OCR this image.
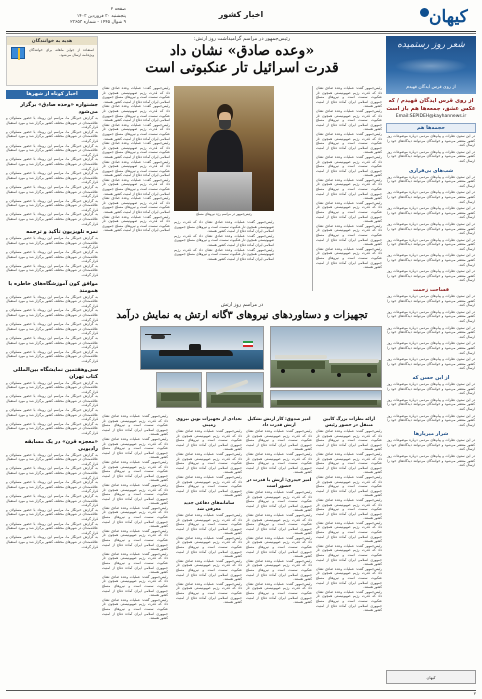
کیهان
اخبار کشور
صفحه ۲
پنجشنبه ۳۰ فروردین ۱۴۰۳
۹ شوال ۱۴۴۵ - شماره ۲۳۶۵۳
شعر روز رستمیده
از روی قرس اید‌گان قهیدم
از روی قرس ایدگان قهیدم / که عکس عشق، جمعه‌ها هم باز است
Email:SEPIDEH@kayhannews.ir
حجمه‌ها هم
در این ستون نظرات و پیام‌های مردمی درباره موضوعات روز کشور منتشر می‌شود و خوانندگان می‌توانند دیدگاه‌های خود را ارسال کنند.
در این ستون نظرات و پیام‌های مردمی درباره موضوعات روز کشور منتشر می‌شود و خوانندگان می‌توانند دیدگاه‌های خود را ارسال کنند.
شب‌های بی‌قراری
در این ستون نظرات و پیام‌های مردمی درباره موضوعات روز کشور منتشر می‌شود و خوانندگان می‌توانند دیدگاه‌های خود را ارسال کنند.
در این ستون نظرات و پیام‌های مردمی درباره موضوعات روز کشور منتشر می‌شود و خوانندگان می‌توانند دیدگاه‌های خود را ارسال کنند.
در این ستون نظرات و پیام‌های مردمی درباره موضوعات روز کشور منتشر می‌شود و خوانندگان می‌توانند دیدگاه‌های خود را ارسال کنند.
در این ستون نظرات و پیام‌های مردمی درباره موضوعات روز کشور منتشر می‌شود و خوانندگان می‌توانند دیدگاه‌های خود را ارسال کنند.
در این ستون نظرات و پیام‌های مردمی درباره موضوعات روز کشور منتشر می‌شود و خوانندگان می‌توانند دیدگاه‌های خود را ارسال کنند.
در این ستون نظرات و پیام‌های مردمی درباره موضوعات روز کشور منتشر می‌شود و خوانندگان می‌توانند دیدگاه‌های خود را ارسال کنند.
در این ستون نظرات و پیام‌های مردمی درباره موضوعات روز کشور منتشر می‌شود و خوانندگان می‌توانند دیدگاه‌های خود را ارسال کنند.
قساحت زحمت
در این ستون نظرات و پیام‌های مردمی درباره موضوعات روز کشور منتشر می‌شود و خوانندگان می‌توانند دیدگاه‌های خود را ارسال کنند.
در این ستون نظرات و پیام‌های مردمی درباره موضوعات روز کشور منتشر می‌شود و خوانندگان می‌توانند دیدگاه‌های خود را ارسال کنند.
در این ستون نظرات و پیام‌های مردمی درباره موضوعات روز کشور منتشر می‌شود و خوانندگان می‌توانند دیدگاه‌های خود را ارسال کنند.
در این ستون نظرات و پیام‌های مردمی درباره موضوعات روز کشور منتشر می‌شود و خوانندگان می‌توانند دیدگاه‌های خود را ارسال کنند.
در این ستون نظرات و پیام‌های مردمی درباره موضوعات روز کشور منتشر می‌شود و خوانندگان می‌توانند دیدگاه‌های خود را ارسال کنند.
از این حسن که
در این ستون نظرات و پیام‌های مردمی درباره موضوعات روز کشور منتشر می‌شود و خوانندگان می‌توانند دیدگاه‌های خود را ارسال کنند.
در این ستون نظرات و پیام‌های مردمی درباره موضوعات روز کشور منتشر می‌شود و خوانندگان می‌توانند دیدگاه‌های خود را ارسال کنند.
در این ستون نظرات و پیام‌های مردمی درباره موضوعات روز کشور منتشر می‌شود و خوانندگان می‌توانند دیدگاه‌های خود را ارسال کنند.
شرار میریار‌ها
در این ستون نظرات و پیام‌های مردمی درباره موضوعات روز کشور منتشر می‌شود و خوانندگان می‌توانند دیدگاه‌های خود را ارسال کنند.
در این ستون نظرات و پیام‌های مردمی درباره موضوعات روز کشور منتشر می‌شود و خوانندگان می‌توانند دیدگاه‌های خود را ارسال کنند.
هدیه به خوانندگان
استفاده از جوایز ماهانه برای خوانندگان ویژه‌نامه ارسال می‌شود.
اخبار کوتاه از شهرها
جشنواره «وحده صادق» برگزار می‌شود
به گزارش خبرنگار ما، مراسم این رویداد با حضور مسئولان و علاقه‌مندان در شهرهای مختلف کشور برگزار شد و مورد استقبال قرار گرفت.
به گزارش خبرنگار ما، مراسم این رویداد با حضور مسئولان و علاقه‌مندان در شهرهای مختلف کشور برگزار شد و مورد استقبال قرار گرفت.
به گزارش خبرنگار ما، مراسم این رویداد با حضور مسئولان و علاقه‌مندان در شهرهای مختلف کشور برگزار شد و مورد استقبال قرار گرفت.
به گزارش خبرنگار ما، مراسم این رویداد با حضور مسئولان و علاقه‌مندان در شهرهای مختلف کشور برگزار شد و مورد استقبال قرار گرفت.
به گزارش خبرنگار ما، مراسم این رویداد با حضور مسئولان و علاقه‌مندان در شهرهای مختلف کشور برگزار شد و مورد استقبال قرار گرفت.
به گزارش خبرنگار ما، مراسم این رویداد با حضور مسئولان و علاقه‌مندان در شهرهای مختلف کشور برگزار شد و مورد استقبال قرار گرفت.
به گزارش خبرنگار ما، مراسم این رویداد با حضور مسئولان و علاقه‌مندان در شهرهای مختلف کشور برگزار شد و مورد استقبال قرار گرفت.
به گزارش خبرنگار ما، مراسم این رویداد با حضور مسئولان و علاقه‌مندان در شهرهای مختلف کشور برگزار شد و مورد استقبال قرار گرفت.
نمره تلویزیون تأکید و ترجمه
به گزارش خبرنگار ما، مراسم این رویداد با حضور مسئولان و علاقه‌مندان در شهرهای مختلف کشور برگزار شد و مورد استقبال قرار گرفت.
به گزارش خبرنگار ما، مراسم این رویداد با حضور مسئولان و علاقه‌مندان در شهرهای مختلف کشور برگزار شد و مورد استقبال قرار گرفت.
به گزارش خبرنگار ما، مراسم این رویداد با حضور مسئولان و علاقه‌مندان در شهرهای مختلف کشور برگزار شد و مورد استقبال قرار گرفت.
موافق کون آموزشگاه‌های خاطره با همومند
به گزارش خبرنگار ما، مراسم این رویداد با حضور مسئولان و علاقه‌مندان در شهرهای مختلف کشور برگزار شد و مورد استقبال قرار گرفت.
به گزارش خبرنگار ما، مراسم این رویداد با حضور مسئولان و علاقه‌مندان در شهرهای مختلف کشور برگزار شد و مورد استقبال قرار گرفت.
به گزارش خبرنگار ما، مراسم این رویداد با حضور مسئولان و علاقه‌مندان در شهرهای مختلف کشور برگزار شد و مورد استقبال قرار گرفت.
به گزارش خبرنگار ما، مراسم این رویداد با حضور مسئولان و علاقه‌مندان در شهرهای مختلف کشور برگزار شد و مورد استقبال قرار گرفت.
به گزارش خبرنگار ما، مراسم این رویداد با حضور مسئولان و علاقه‌مندان در شهرهای مختلف کشور برگزار شد و مورد استقبال قرار گرفت.
سی‌وهفتمین نمایشگاه بین‌المللی کتاب تهران
به گزارش خبرنگار ما، مراسم این رویداد با حضور مسئولان و علاقه‌مندان در شهرهای مختلف کشور برگزار شد و مورد استقبال قرار گرفت.
به گزارش خبرنگار ما، مراسم این رویداد با حضور مسئولان و علاقه‌مندان در شهرهای مختلف کشور برگزار شد و مورد استقبال قرار گرفت.
به گزارش خبرنگار ما، مراسم این رویداد با حضور مسئولان و علاقه‌مندان در شهرهای مختلف کشور برگزار شد و مورد استقبال قرار گرفت.
به گزارش خبرنگار ما، مراسم این رویداد با حضور مسئولان و علاقه‌مندان در شهرهای مختلف کشور برگزار شد و مورد استقبال قرار گرفت.
«معجزه قرن» در یک مسابقه رادیویی
به گزارش خبرنگار ما، مراسم این رویداد با حضور مسئولان و علاقه‌مندان در شهرهای مختلف کشور برگزار شد و مورد استقبال قرار گرفت.
به گزارش خبرنگار ما، مراسم این رویداد با حضور مسئولان و علاقه‌مندان در شهرهای مختلف کشور برگزار شد و مورد استقبال قرار گرفت.
به گزارش خبرنگار ما، مراسم این رویداد با حضور مسئولان و علاقه‌مندان در شهرهای مختلف کشور برگزار شد و مورد استقبال قرار گرفت.
به گزارش خبرنگار ما، مراسم این رویداد با حضور مسئولان و علاقه‌مندان در شهرهای مختلف کشور برگزار شد و مورد استقبال قرار گرفت.
به گزارش خبرنگار ما، مراسم این رویداد با حضور مسئولان و علاقه‌مندان در شهرهای مختلف کشور برگزار شد و مورد استقبال قرار گرفت.
به گزارش خبرنگار ما، مراسم این رویداد با حضور مسئولان و علاقه‌مندان در شهرهای مختلف کشور برگزار شد و مورد استقبال قرار گرفت.
به گزارش خبرنگار ما، مراسم این رویداد با حضور مسئولان و علاقه‌مندان در شهرهای مختلف کشور برگزار شد و مورد استقبال قرار گرفت.
رئیس‌جمهور در مراسم گرامیداشت روز ارتش:
«وعده صادق» نشان داد
قدرت اسرائیل تار عنکبوتی است
رئیس‌جمهور گفت: عملیات وعده صادق نشان داد که قدرت رژیم صهیونیستی همچون تار عنکبوت سست است و نیروهای مسلح جمهوری اسلامی ایران آماده دفاع از امنیت کشور هستند.
رئیس‌جمهور گفت: عملیات وعده صادق نشان داد که قدرت رژیم صهیونیستی همچون تار عنکبوت سست است و نیروهای مسلح جمهوری اسلامی ایران آماده دفاع از امنیت کشور هستند.
رئیس‌جمهور گفت: عملیات وعده صادق نشان داد که قدرت رژیم صهیونیستی همچون تار عنکبوت سست است و نیروهای مسلح جمهوری اسلامی ایران آماده دفاع از امنیت کشور هستند.
رئیس‌جمهور گفت: عملیات وعده صادق نشان داد که قدرت رژیم صهیونیستی همچون تار عنکبوت سست است و نیروهای مسلح جمهوری اسلامی ایران آماده دفاع از امنیت کشور هستند.
رئیس‌جمهور گفت: عملیات وعده صادق نشان داد که قدرت رژیم صهیونیستی همچون تار عنکبوت سست است و نیروهای مسلح جمهوری اسلامی ایران آماده دفاع از امنیت کشور هستند.
رئیس‌جمهور گفت: عملیات وعده صادق نشان داد که قدرت رژیم صهیونیستی همچون تار عنکبوت سست است و نیروهای مسلح جمهوری اسلامی ایران آماده دفاع از امنیت کشور هستند.
رئیس‌جمهور گفت: عملیات وعده صادق نشان داد که قدرت رژیم صهیونیستی همچون تار عنکبوت سست است و نیروهای مسلح جمهوری اسلامی ایران آماده دفاع از امنیت کشور هستند.
رئیس‌جمهور گفت: عملیات وعده صادق نشان داد که قدرت رژیم صهیونیستی همچون تار عنکبوت سست است و نیروهای مسلح جمهوری اسلامی ایران آماده دفاع از امنیت کشور هستند.
رئیس‌جمهور گفت: عملیات وعده صادق نشان داد که قدرت رژیم صهیونیستی همچون تار عنکبوت سست است و نیروهای مسلح جمهوری اسلامی ایران آماده دفاع از امنیت کشور هستند.
رئیس‌جمهور گفت: عملیات وعده صادق نشان داد که قدرت رژیم صهیونیستی همچون تار عنکبوت سست است و نیروهای مسلح جمهوری اسلامی ایران آماده دفاع از امنیت کشور هستند.
رئیس‌جمهور گفت: عملیات وعده صادق نشان داد که قدرت رژیم صهیونیستی همچون تار عنکبوت سست است و نیروهای مسلح جمهوری اسلامی ایران آماده دفاع از امنیت کشور هستند.
رئیس‌جمهور گفت: عملیات وعده صادق نشان داد که قدرت رژیم صهیونیستی همچون تار عنکبوت سست است و نیروهای مسلح جمهوری اسلامی ایران آماده دفاع از امنیت کشور هستند.
رئیس‌جمهور گفت: عملیات وعده صادق نشان داد که قدرت رژیم صهیونیستی همچون تار عنکبوت سست است و نیروهای مسلح جمهوری اسلامی ایران آماده دفاع از امنیت کشور هستند.
رئیس‌جمهور گفت: عملیات وعده صادق نشان داد که قدرت رژیم صهیونیستی همچون تار عنکبوت سست است و نیروهای مسلح جمهوری اسلامی ایران آماده دفاع از امنیت کشور هستند.
رئیس‌جمهور گفت: عملیات وعده صادق نشان داد که قدرت رژیم صهیونیستی همچون تار عنکبوت سست است و نیروهای مسلح جمهوری اسلامی ایران آماده دفاع از امنیت کشور هستند.
رئیس‌جمهور گفت: عملیات وعده صادق نشان داد که قدرت رژیم صهیونیستی همچون تار عنکبوت سست است و نیروهای مسلح جمهوری اسلامی ایران آماده دفاع از امنیت کشور هستند.
رئیس‌جمهور در مراسم رژه نیروهای مسلح
رئیس‌جمهور گفت: عملیات وعده صادق نشان داد که قدرت رژیم صهیونیستی همچون تار عنکبوت سست است و نیروهای مسلح جمهوری اسلامی ایران آماده دفاع از امنیت کشور هستند.
رئیس‌جمهور گفت: عملیات وعده صادق نشان داد که قدرت رژیم صهیونیستی همچون تار عنکبوت سست است و نیروهای مسلح جمهوری اسلامی ایران آماده دفاع از امنیت کشور هستند.
رئیس‌جمهور گفت: عملیات وعده صادق نشان داد که قدرت رژیم صهیونیستی همچون تار عنکبوت سست است و نیروهای مسلح جمهوری اسلامی ایران آماده دفاع از امنیت کشور هستند.
در مراسم روز ارتش
تجهیزات و دستاوردهای نیروهای ۳گانه ارتش به نمایش درآمد
ارائه نظرات بزرگ کابین منتقل در حضور رئیس
رئیس‌جمهور گفت: عملیات وعده صادق نشان داد که قدرت رژیم صهیونیستی همچون تار عنکبوت سست است و نیروهای مسلح جمهوری اسلامی ایران آماده دفاع از امنیت کشور هستند.
رئیس‌جمهور گفت: عملیات وعده صادق نشان داد که قدرت رژیم صهیونیستی همچون تار عنکبوت سست است و نیروهای مسلح جمهوری اسلامی ایران آماده دفاع از امنیت کشور هستند.
رئیس‌جمهور گفت: عملیات وعده صادق نشان داد که قدرت رژیم صهیونیستی همچون تار عنکبوت سست است و نیروهای مسلح جمهوری اسلامی ایران آماده دفاع از امنیت کشور هستند.
رئیس‌جمهور گفت: عملیات وعده صادق نشان داد که قدرت رژیم صهیونیستی همچون تار عنکبوت سست است و نیروهای مسلح جمهوری اسلامی ایران آماده دفاع از امنیت کشور هستند.
رئیس‌جمهور گفت: عملیات وعده صادق نشان داد که قدرت رژیم صهیونیستی همچون تار عنکبوت سست است و نیروهای مسلح جمهوری اسلامی ایران آماده دفاع از امنیت کشور هستند.
رئیس‌جمهور گفت: عملیات وعده صادق نشان داد که قدرت رژیم صهیونیستی همچون تار عنکبوت سست است و نیروهای مسلح جمهوری اسلامی ایران آماده دفاع از امنیت کشور هستند.
رئیس‌جمهور گفت: عملیات وعده صادق نشان داد که قدرت رژیم صهیونیستی همچون تار عنکبوت سست است و نیروهای مسلح جمهوری اسلامی ایران آماده دفاع از امنیت کشور هستند.
رئیس‌جمهور گفت: عملیات وعده صادق نشان داد که قدرت رژیم صهیونیستی همچون تار عنکبوت سست است و نیروهای مسلح جمهوری اسلامی ایران آماده دفاع از امنیت کشور هستند.
امیر صدوق: کار ارتش تشکیل ارتش قدرت داد
رئیس‌جمهور گفت: عملیات وعده صادق نشان داد که قدرت رژیم صهیونیستی همچون تار عنکبوت سست است و نیروهای مسلح جمهوری اسلامی ایران آماده دفاع از امنیت کشور هستند.
رئیس‌جمهور گفت: عملیات وعده صادق نشان داد که قدرت رژیم صهیونیستی همچون تار عنکبوت سست است و نیروهای مسلح جمهوری اسلامی ایران آماده دفاع از امنیت کشور هستند.
امیر حیدری: ارتش با قدرت در حضور است
رئیس‌جمهور گفت: عملیات وعده صادق نشان داد که قدرت رژیم صهیونیستی همچون تار عنکبوت سست است و نیروهای مسلح جمهوری اسلامی ایران آماده دفاع از امنیت کشور هستند.
رئیس‌جمهور گفت: عملیات وعده صادق نشان داد که قدرت رژیم صهیونیستی همچون تار عنکبوت سست است و نیروهای مسلح جمهوری اسلامی ایران آماده دفاع از امنیت کشور هستند.
رئیس‌جمهور گفت: عملیات وعده صادق نشان داد که قدرت رژیم صهیونیستی همچون تار عنکبوت سست است و نیروهای مسلح جمهوری اسلامی ایران آماده دفاع از امنیت کشور هستند.
رئیس‌جمهور گفت: عملیات وعده صادق نشان داد که قدرت رژیم صهیونیستی همچون تار عنکبوت سست است و نیروهای مسلح جمهوری اسلامی ایران آماده دفاع از امنیت کشور هستند.
رئیس‌جمهور گفت: عملیات وعده صادق نشان داد که قدرت رژیم صهیونیستی همچون تار عنکبوت سست است و نیروهای مسلح جمهوری اسلامی ایران آماده دفاع از امنیت کشور هستند.
تعدادی از تجهیزات نوین نیروی زمینی
رئیس‌جمهور گفت: عملیات وعده صادق نشان داد که قدرت رژیم صهیونیستی همچون تار عنکبوت سست است و نیروهای مسلح جمهوری اسلامی ایران آماده دفاع از امنیت کشور هستند.
رئیس‌جمهور گفت: عملیات وعده صادق نشان داد که قدرت رژیم صهیونیستی همچون تار عنکبوت سست است و نیروهای مسلح جمهوری اسلامی ایران آماده دفاع از امنیت کشور هستند.
رئیس‌جمهور گفت: عملیات وعده صادق نشان داد که قدرت رژیم صهیونیستی همچون تار عنکبوت سست است و نیروهای مسلح جمهوری اسلامی ایران آماده دفاع از امنیت کشور هستند.
سامانه‌های دفاعی جدید معرفی شد
رئیس‌جمهور گفت: عملیات وعده صادق نشان داد که قدرت رژیم صهیونیستی همچون تار عنکبوت سست است و نیروهای مسلح جمهوری اسلامی ایران آماده دفاع از امنیت کشور هستند.
رئیس‌جمهور گفت: عملیات وعده صادق نشان داد که قدرت رژیم صهیونیستی همچون تار عنکبوت سست است و نیروهای مسلح جمهوری اسلامی ایران آماده دفاع از امنیت کشور هستند.
رئیس‌جمهور گفت: عملیات وعده صادق نشان داد که قدرت رژیم صهیونیستی همچون تار عنکبوت سست است و نیروهای مسلح جمهوری اسلامی ایران آماده دفاع از امنیت کشور هستند.
رئیس‌جمهور گفت: عملیات وعده صادق نشان داد که قدرت رژیم صهیونیستی همچون تار عنکبوت سست است و نیروهای مسلح جمهوری اسلامی ایران آماده دفاع از امنیت کشور هستند.
رئیس‌جمهور گفت: عملیات وعده صادق نشان داد که قدرت رژیم صهیونیستی همچون تار عنکبوت سست است و نیروهای مسلح جمهوری اسلامی ایران آماده دفاع از امنیت کشور هستند.
رئیس‌جمهور گفت: عملیات وعده صادق نشان داد که قدرت رژیم صهیونیستی همچون تار عنکبوت سست است و نیروهای مسلح جمهوری اسلامی ایران آماده دفاع از امنیت کشور هستند.
رئیس‌جمهور گفت: عملیات وعده صادق نشان داد که قدرت رژیم صهیونیستی همچون تار عنکبوت سست است و نیروهای مسلح جمهوری اسلامی ایران آماده دفاع از امنیت کشور هستند.
رئیس‌جمهور گفت: عملیات وعده صادق نشان داد که قدرت رژیم صهیونیستی همچون تار عنکبوت سست است و نیروهای مسلح جمهوری اسلامی ایران آماده دفاع از امنیت کشور هستند.
رئیس‌جمهور گفت: عملیات وعده صادق نشان داد که قدرت رژیم صهیونیستی همچون تار عنکبوت سست است و نیروهای مسلح جمهوری اسلامی ایران آماده دفاع از امنیت کشور هستند.
رئیس‌جمهور گفت: عملیات وعده صادق نشان داد که قدرت رژیم صهیونیستی همچون تار عنکبوت سست است و نیروهای مسلح جمهوری اسلامی ایران آماده دفاع از امنیت کشور هستند.
رئیس‌جمهور گفت: عملیات وعده صادق نشان داد که قدرت رژیم صهیونیستی همچون تار عنکبوت سست است و نیروهای مسلح جمهوری اسلامی ایران آماده دفاع از امنیت کشور هستند.
رئیس‌جمهور گفت: عملیات وعده صادق نشان داد که قدرت رژیم صهیونیستی همچون تار عنکبوت سست است و نیروهای مسلح جمهوری اسلامی ایران آماده دفاع از امنیت کشور هستند.
رئیس‌جمهور گفت: عملیات وعده صادق نشان داد که قدرت رژیم صهیونیستی همچون تار عنکبوت سست است و نیروهای مسلح جمهوری اسلامی ایران آماده دفاع از امنیت کشور هستند.
کیهان
۲
